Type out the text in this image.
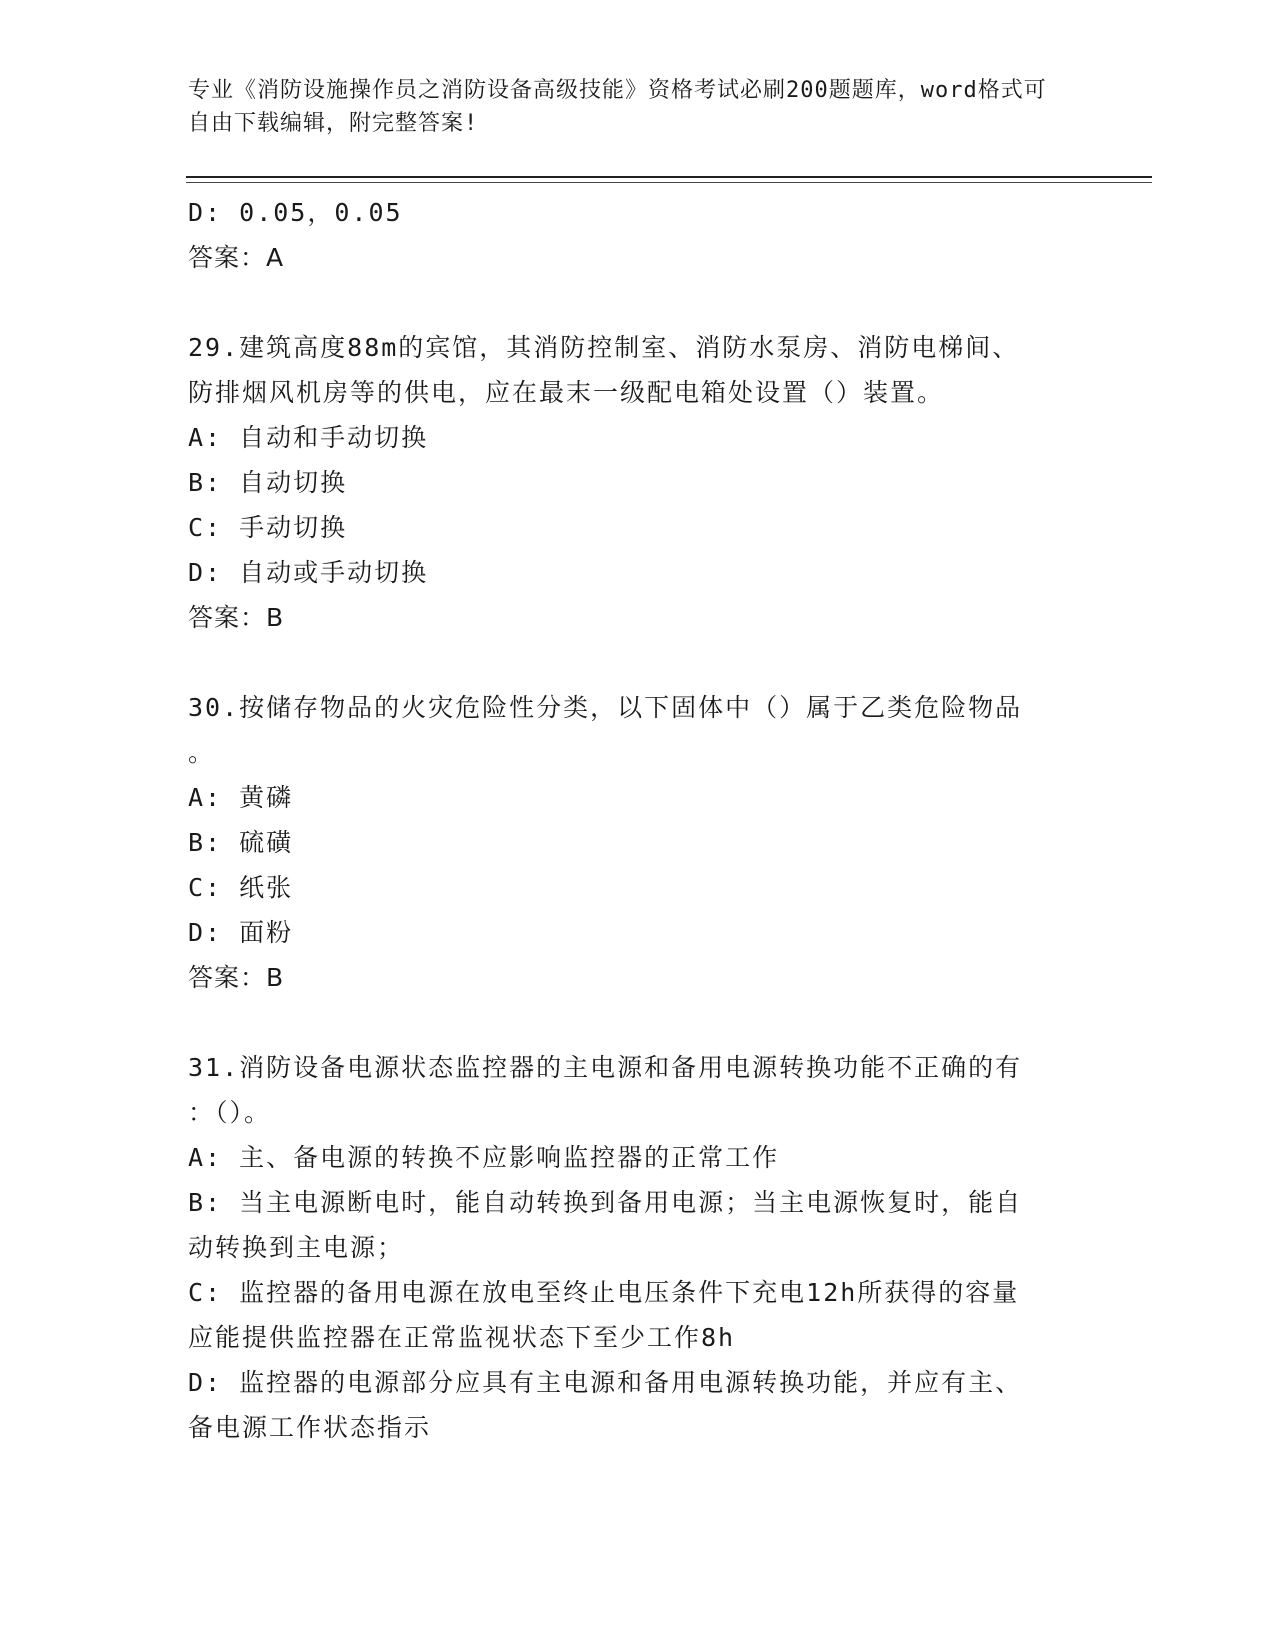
专业《消防设施操作员之消防设备高级技能》资格考试必刷200题题库，word格式可自由下载编辑，附完整答案!
D: 0.05，0.05
答案：A
29.建筑高度88m的宾馆，其消防控制室、消防水泵房、消防电梯间、
防排烟风机房等的供电，应在最末一级配电箱处设置（）装置。
A: 自动和手动切换
B: 自动切换
C: 手动切换
D: 自动或手动切换
答案：B
30.按储存物品的火灾危险性分类，以下固体中（）属于乙类危险物品
。
A: 黄磷
B: 硫磺
C: 纸张
D: 面粉
答案：B
31.消防设备电源状态监控器的主电源和备用电源转换功能不正确的有
：（）。
A: 主、备电源的转换不应影响监控器的正常工作
B: 当主电源断电时，能自动转换到备用电源；当主电源恢复时，能自
动转换到主电源；
C: 监控器的备用电源在放电至终止电压条件下充电12h所获得的容量
应能提供监控器在正常监视状态下至少工作8h
D: 监控器的电源部分应具有主电源和备用电源转换功能，并应有主、
备电源工作状态指示
